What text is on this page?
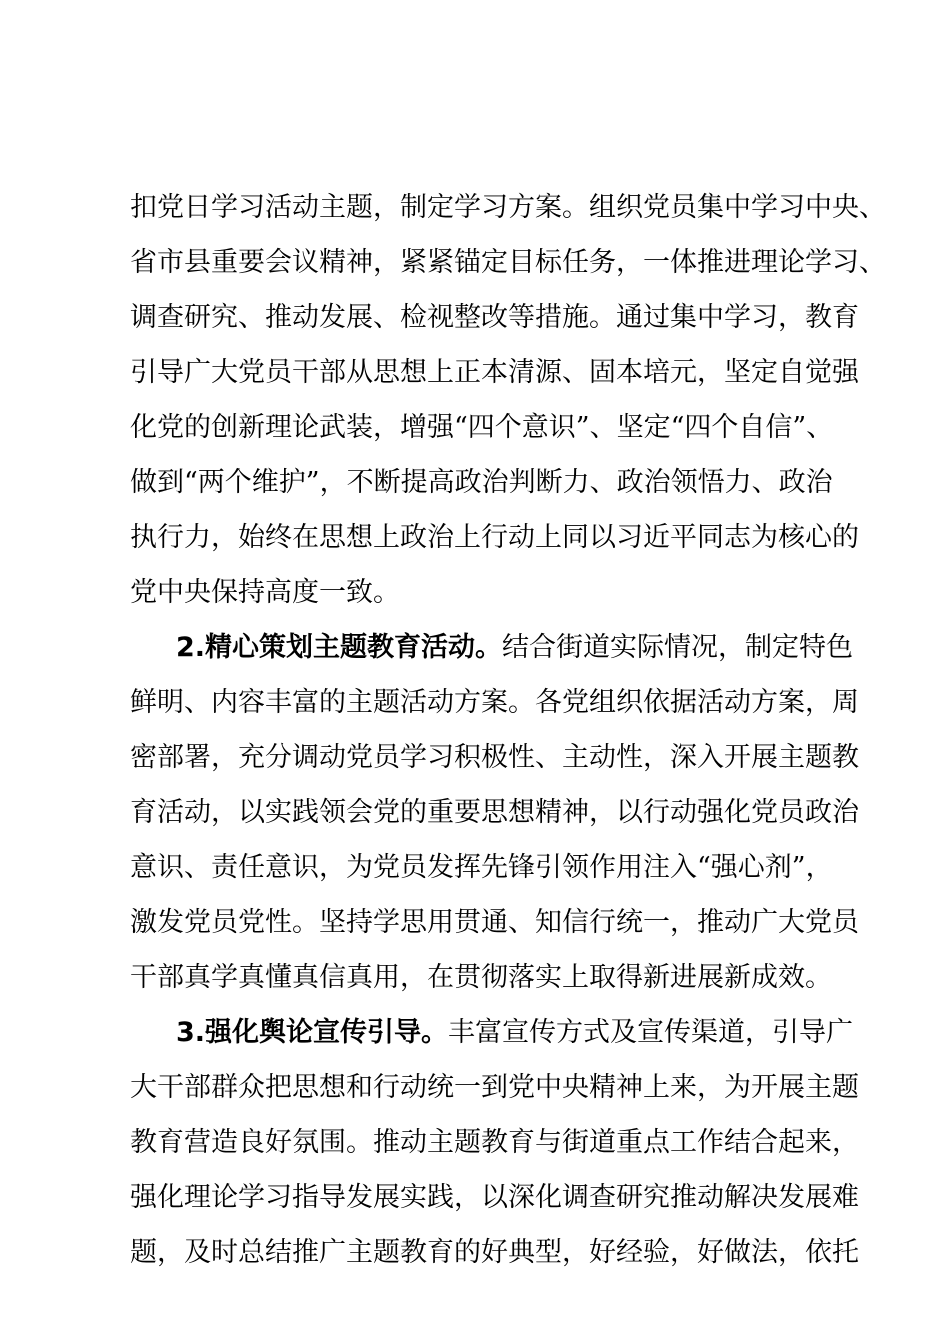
扣党日学习活动主题，制定学习方案。组织党员集中学习中央、
省市县重要会议精神，紧紧锚定目标任务，一体推进理论学习、
调查研究、推动发展、检视整改等措施。通过集中学习，教育
引导广大党员干部从思想上正本清源、固本培元，坚定自觉强
化党的创新理论武装，增强“四个意识”、坚定“四个自信”、
做到“两个维护”，不断提高政治判断力、政治领悟力、政治
执行力，始终在思想上政治上行动上同以习近平同志为核心的
党中央保持高度一致。
2.精心策划主题教育活动。结合街道实际情况，制定特色
鲜明、内容丰富的主题活动方案。各党组织依据活动方案，周
密部署，充分调动党员学习积极性、主动性，深入开展主题教
育活动，以实践领会党的重要思想精神，以行动强化党员政治
意识、责任意识，为党员发挥先锋引领作用注入“强心剂”，
激发党员党性。坚持学思用贯通、知信行统一，推动广大党员
干部真学真懂真信真用，在贯彻落实上取得新进展新成效。
3.强化舆论宣传引导。丰富宣传方式及宣传渠道，引导广
大干部群众把思想和行动统一到党中央精神上来，为开展主题
教育营造良好氛围。推动主题教育与街道重点工作结合起来，
强化理论学习指导发展实践，以深化调查研究推动解决发展难
题，及时总结推广主题教育的好典型，好经验，好做法，依托
